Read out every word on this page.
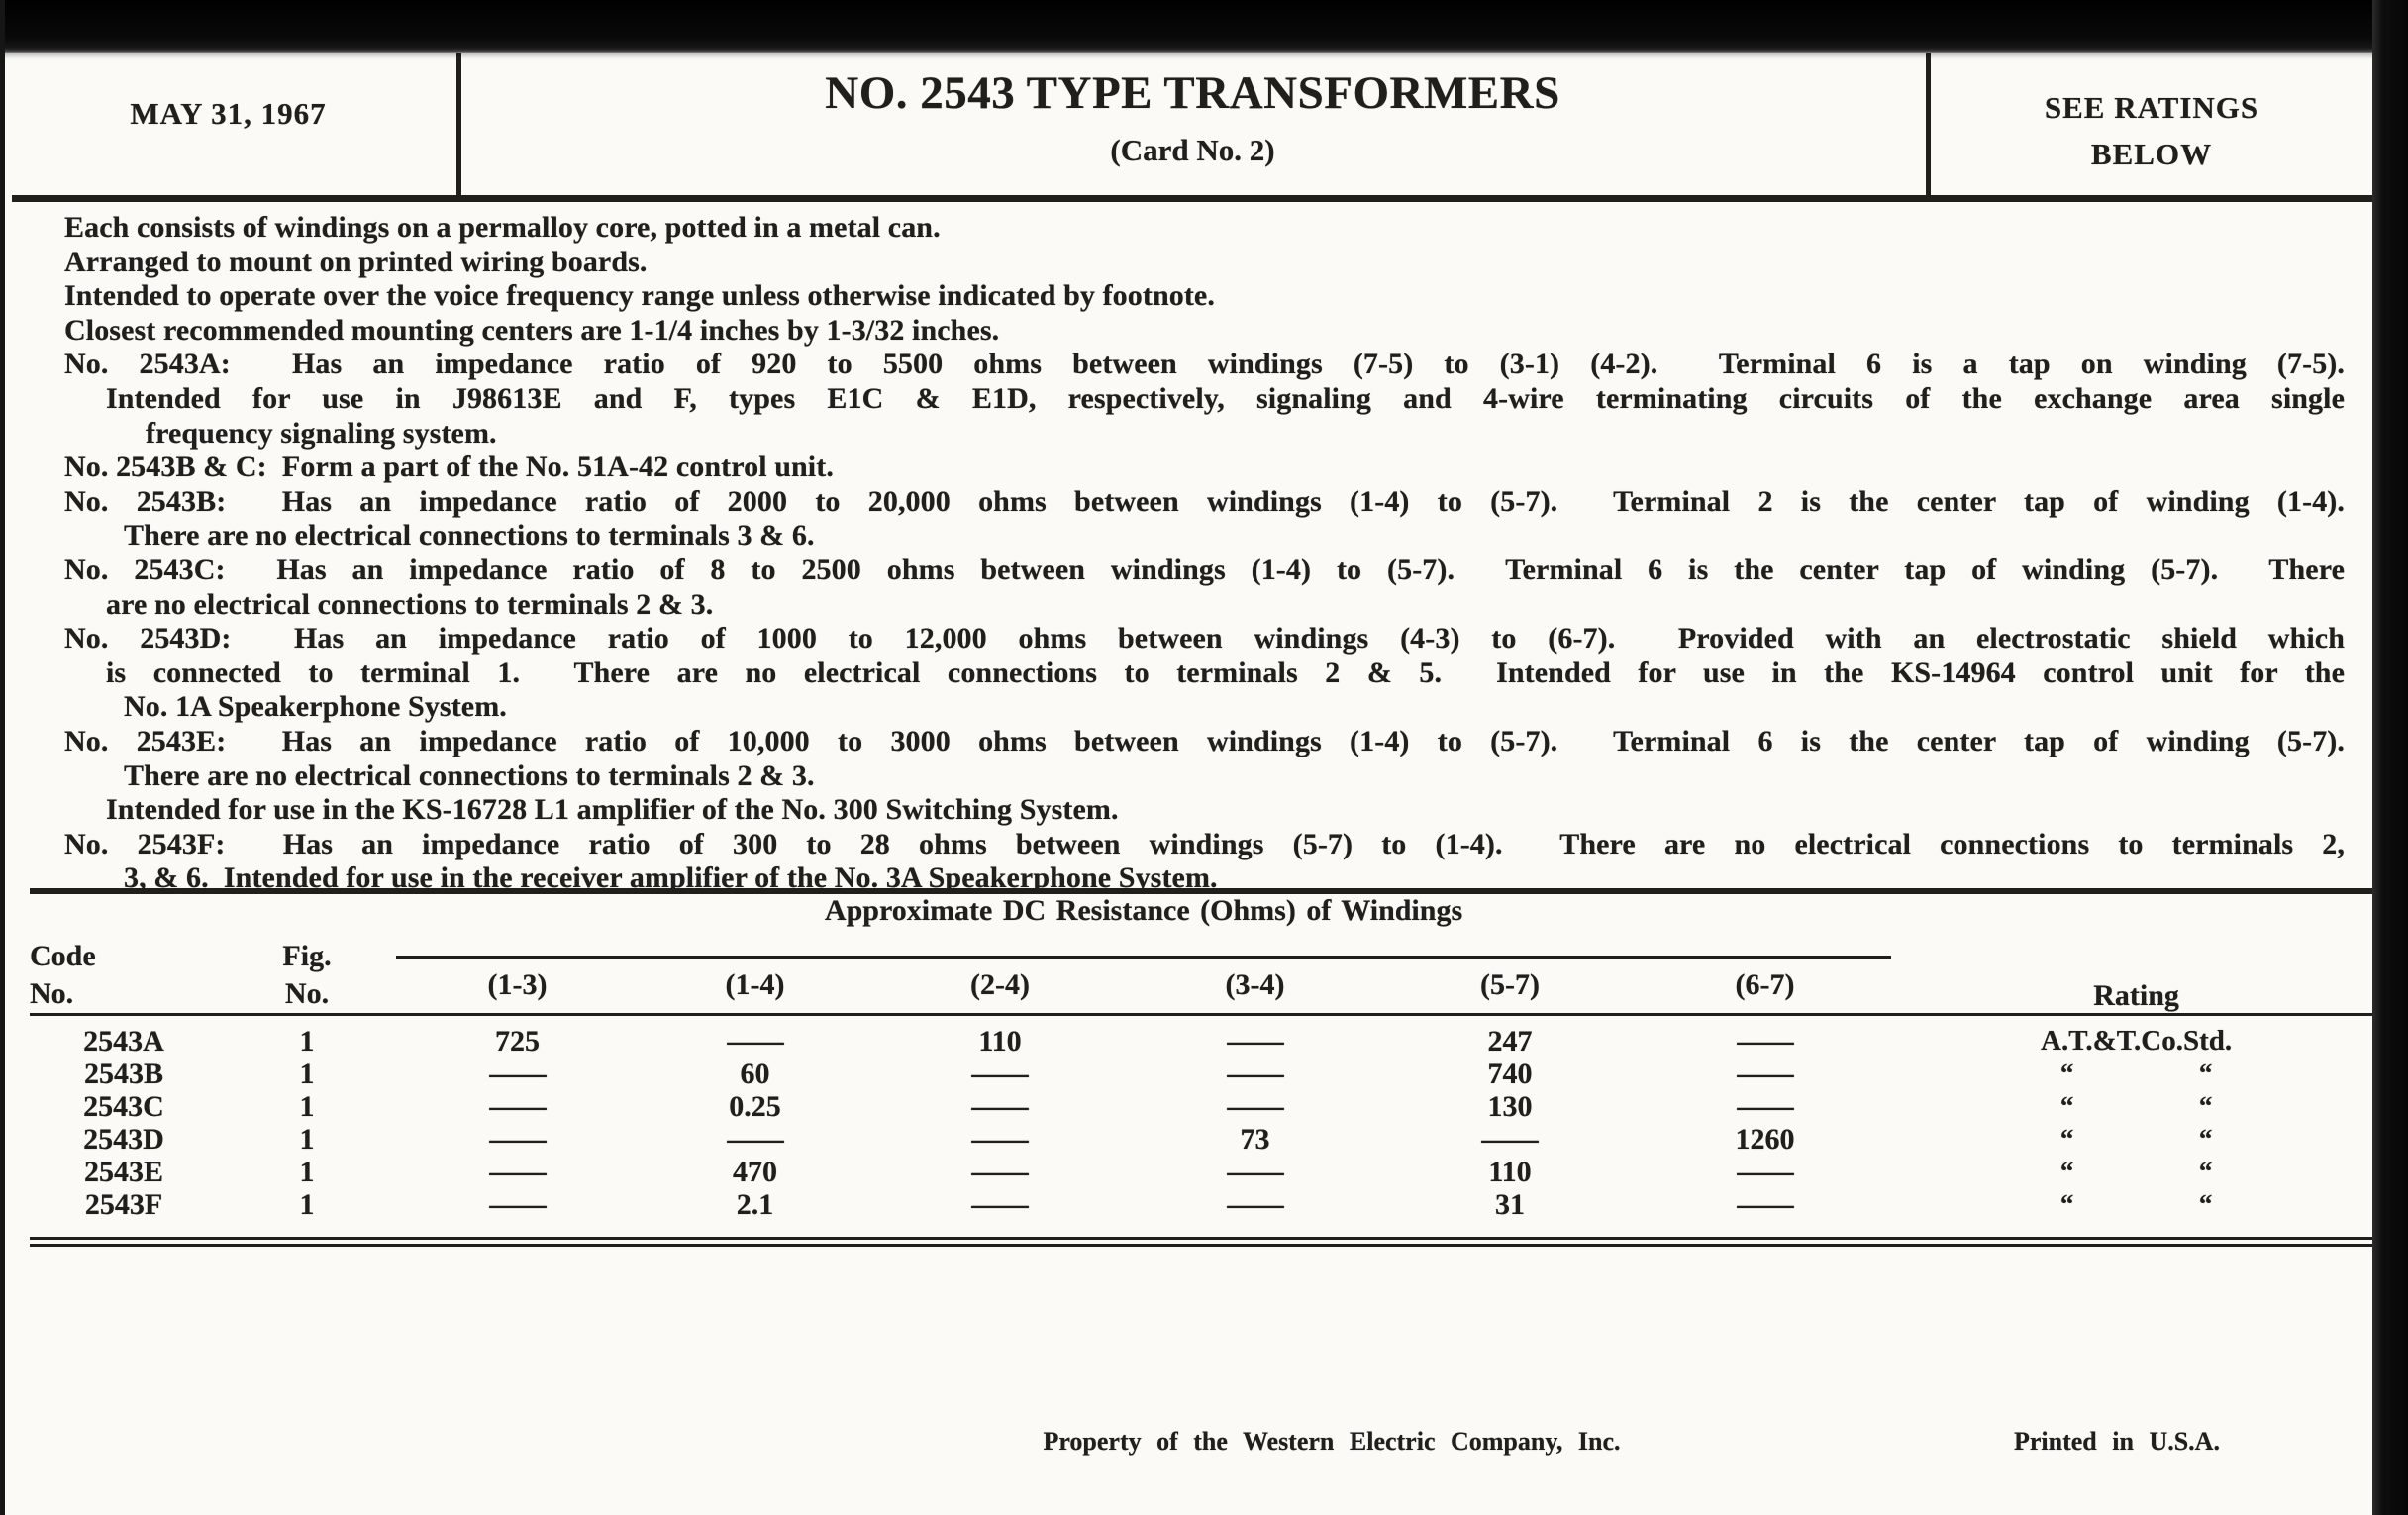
MAY 31, 1967	NO. 2543 TYPE TRANSFORMERS
(Card No. 2)
SEE RATINGS
BELOW
Each consists of windings on a permalloy core, potted in a metal can.
Arranged to mount on printed wiring boards.
Intended to operate over the voice frequency range unless otherwise indicated by footnote.
Closest recommended mounting centers are 1-1/4 inches by 1-3/32 inches.
No. 2543A:  Has an impedance ratio of 920 to 5500 ohms between windings (7-5) to (3-1) (4-2).  Terminal 6 is a tap on winding (7-5).
Intended for use in J98613E and F, types E1C & E1D, respectively, signaling and 4-wire terminating circuits of the exchange area single
frequency signaling system.
No. 2543B & C:  Form a part of the No. 51A-42 control unit.
No. 2543B:  Has an impedance ratio of 2000 to 20,000 ohms between windings (1-4) to (5-7).  Terminal 2 is the center tap of winding (1-4).
There are no electrical connections to terminals 3 & 6.
No. 2543C:  Has an impedance ratio of 8 to 2500 ohms between windings (1-4) to (5-7).  Terminal 6 is the center tap of winding (5-7).  There
are no electrical connections to terminals 2 & 3.
No. 2543D:  Has an impedance ratio of 1000 to 12,000 ohms between windings (4-3) to (6-7).  Provided with an electrostatic shield which
is connected to terminal 1.  There are no electrical connections to terminals 2 & 5.  Intended for use in the KS-14964 control unit for the
No. 1A Speakerphone System.
No. 2543E:  Has an impedance ratio of 10,000 to 3000 ohms between windings (1-4) to (5-7).  Terminal 6 is the center tap of winding (5-7).
There are no electrical connections to terminals 2 & 3.
Intended for use in the KS-16728 L1 amplifier of the No. 300 Switching System.
No. 2543F:  Has an impedance ratio of 300 to 28 ohms between windings (5-7) to (1-4).  There are no electrical connections to terminals 2,
3, & 6.  Intended for use in the receiver amplifier of the No. 3A Speakerphone System.
Code
No.

Fig.
No.
	Approximate DC Resistance (Ohms) of Windings	Rating
		(1-3)	(1-4)	(2-4)	(3-4)	(5-7)	(6-7)	
2543A	1	725	—	110	—	247	—	A.T.&T.Co.Std.
2543B	1	—	60	—	—	740	—	“ “
2543C	1	—	0.25	—	—	130	—	“ “
2543D	1	—	—	—	73	—	1260	“ “
2543E	1	—	470	—	—	110	—	“ “
2543F	1	—	2.1	—	—	31	—	“ “
Property of the Western Electric Company, Inc.	Printed in U.S.A.
